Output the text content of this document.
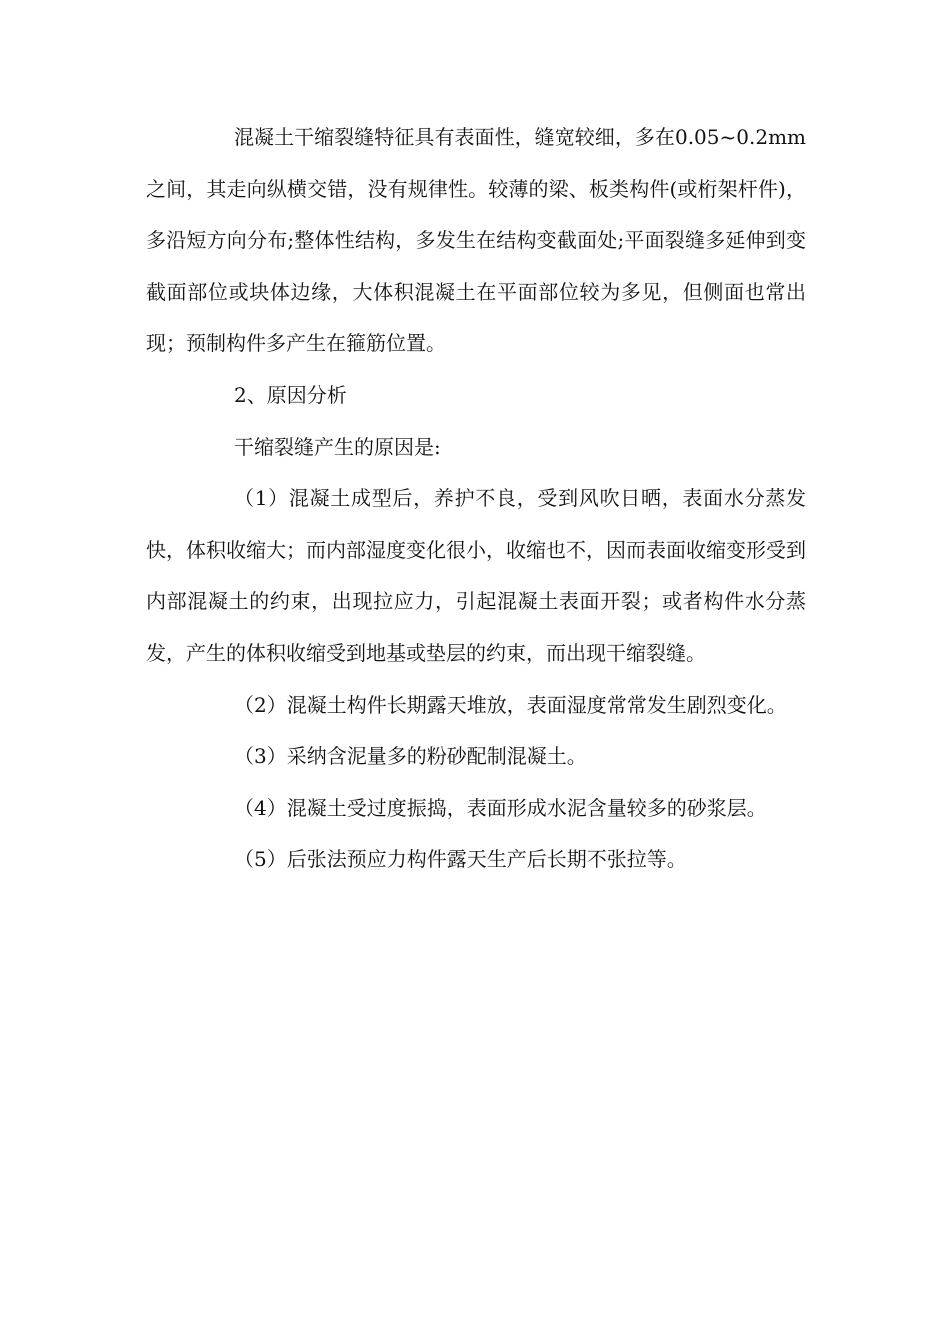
混凝土干缩裂缝特征具有表面性，缝宽较细，多在0.05~0.2mm之间，其走向纵横交错，没有规律性。较薄的梁、板类构件(或桁架杆件)，多沿短方向分布;整体性结构，多发生在结构变截面处;平面裂缝多延伸到变截面部位或块体边缘，大体积混凝土在平面部位较为多见，但侧面也常出现；预制构件多产生在箍筋位置。

2、原因分析

干缩裂缝产生的原因是:

（1）混凝土成型后，养护不良，受到风吹日晒，表面水分蒸发快，体积收缩大；而内部湿度变化很小，收缩也不，因而表面收缩变形受到内部混凝土的约束，出现拉应力，引起混凝土表面开裂；或者构件水分蒸发，产生的体积收缩受到地基或垫层的约束，而出现干缩裂缝。

（2）混凝土构件长期露天堆放，表面湿度常常发生剧烈变化。

（3）采纳含泥量多的粉砂配制混凝土。

（4）混凝土受过度振捣，表面形成水泥含量较多的砂浆层。

（5）后张法预应力构件露天生产后长期不张拉等。
